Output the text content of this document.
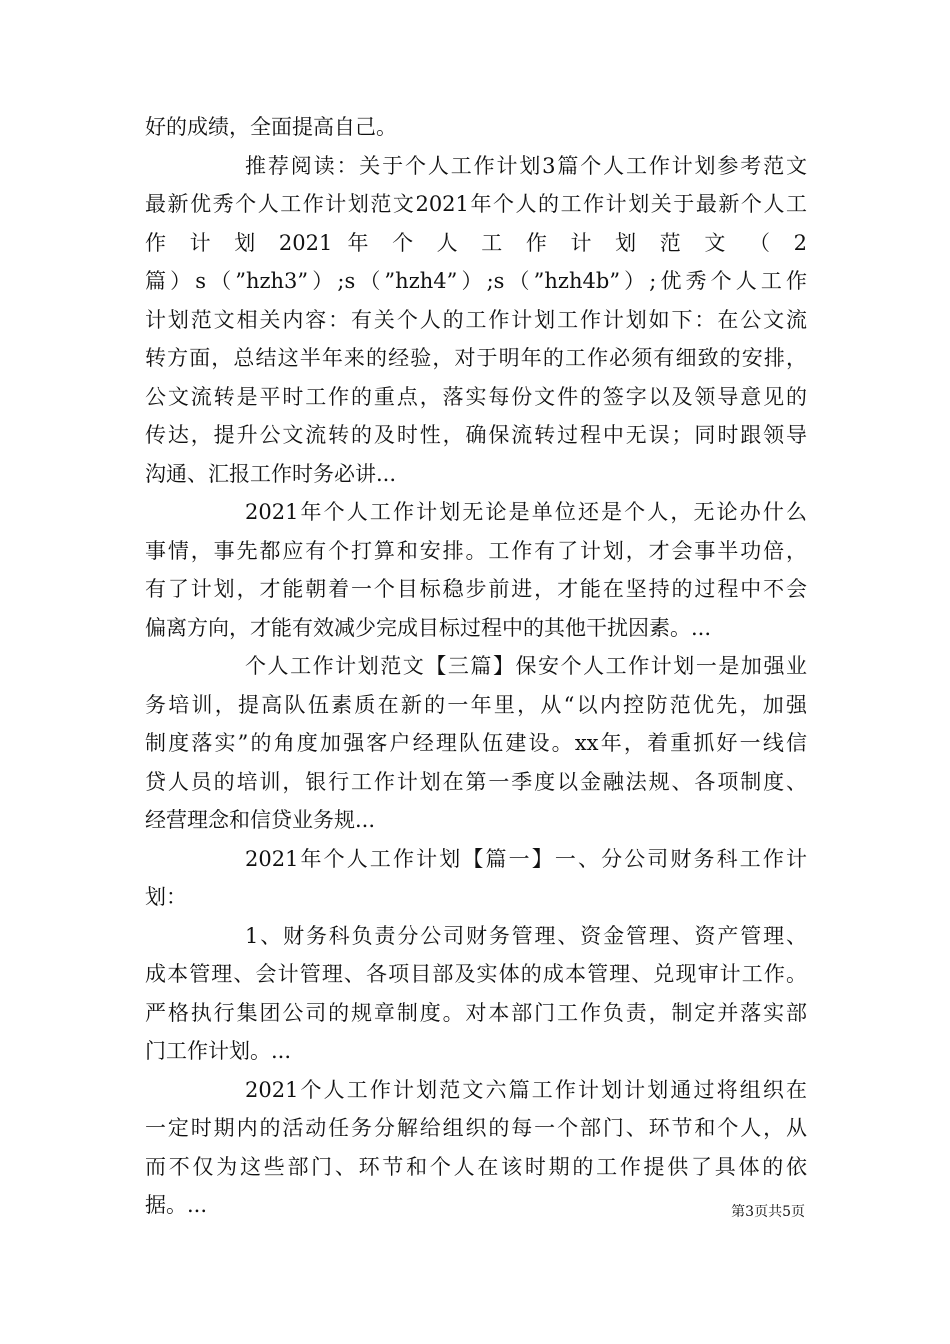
好的成绩，全面提高自己。
推荐阅读：关于个人工作计划3篇个人工作计划参考范文
最新优秀个人工作计划范文2021年个人的工作计划关于最新个人工
作 计 划 2021 年 个 人 工 作 计 划 范 文 （ 2
篇）s（”hzh3”）;s（”hzh4”）;s（”hzh4b”）;优秀个人工作
计划范文相关内容：有关个人的工作计划工作计划如下：在公文流
转方面，总结这半年来的经验，对于明年的工作必须有细致的安排，
公文流转是平时工作的重点，落实每份文件的签字以及领导意见的
传达，提升公文流转的及时性，确保流转过程中无误；同时跟领导
沟通、汇报工作时务必讲...
2021年个人工作计划无论是单位还是个人，无论办什么
事情，事先都应有个打算和安排。工作有了计划，才会事半功倍，
有了计划，才能朝着一个目标稳步前进，才能在坚持的过程中不会
偏离方向，才能有效减少完成目标过程中的其他干扰因素。...
个人工作计划范文【三篇】保安个人工作计划一是加强业
务培训，提高队伍素质在新的一年里，从“以内控防范优先，加强
制度落实”的角度加强客户经理队伍建设。xx年，着重抓好一线信
贷人员的培训，银行工作计划在第一季度以金融法规、各项制度、
经营理念和信贷业务规...
2021年个人工作计划【篇一】一、分公司财务科工作计
划：
1、财务科负责分公司财务管理、资金管理、资产管理、
成本管理、会计管理、各项目部及实体的成本管理、兑现审计工作。
严格执行集团公司的规章制度。对本部门工作负责，制定并落实部
门工作计划。...
2021个人工作计划范文六篇工作计划计划通过将组织在
一定时期内的活动任务分解给组织的每一个部门、环节和个人，从
而不仅为这些部门、环节和个人在该时期的工作提供了具体的依
据。...	第3页共5页
